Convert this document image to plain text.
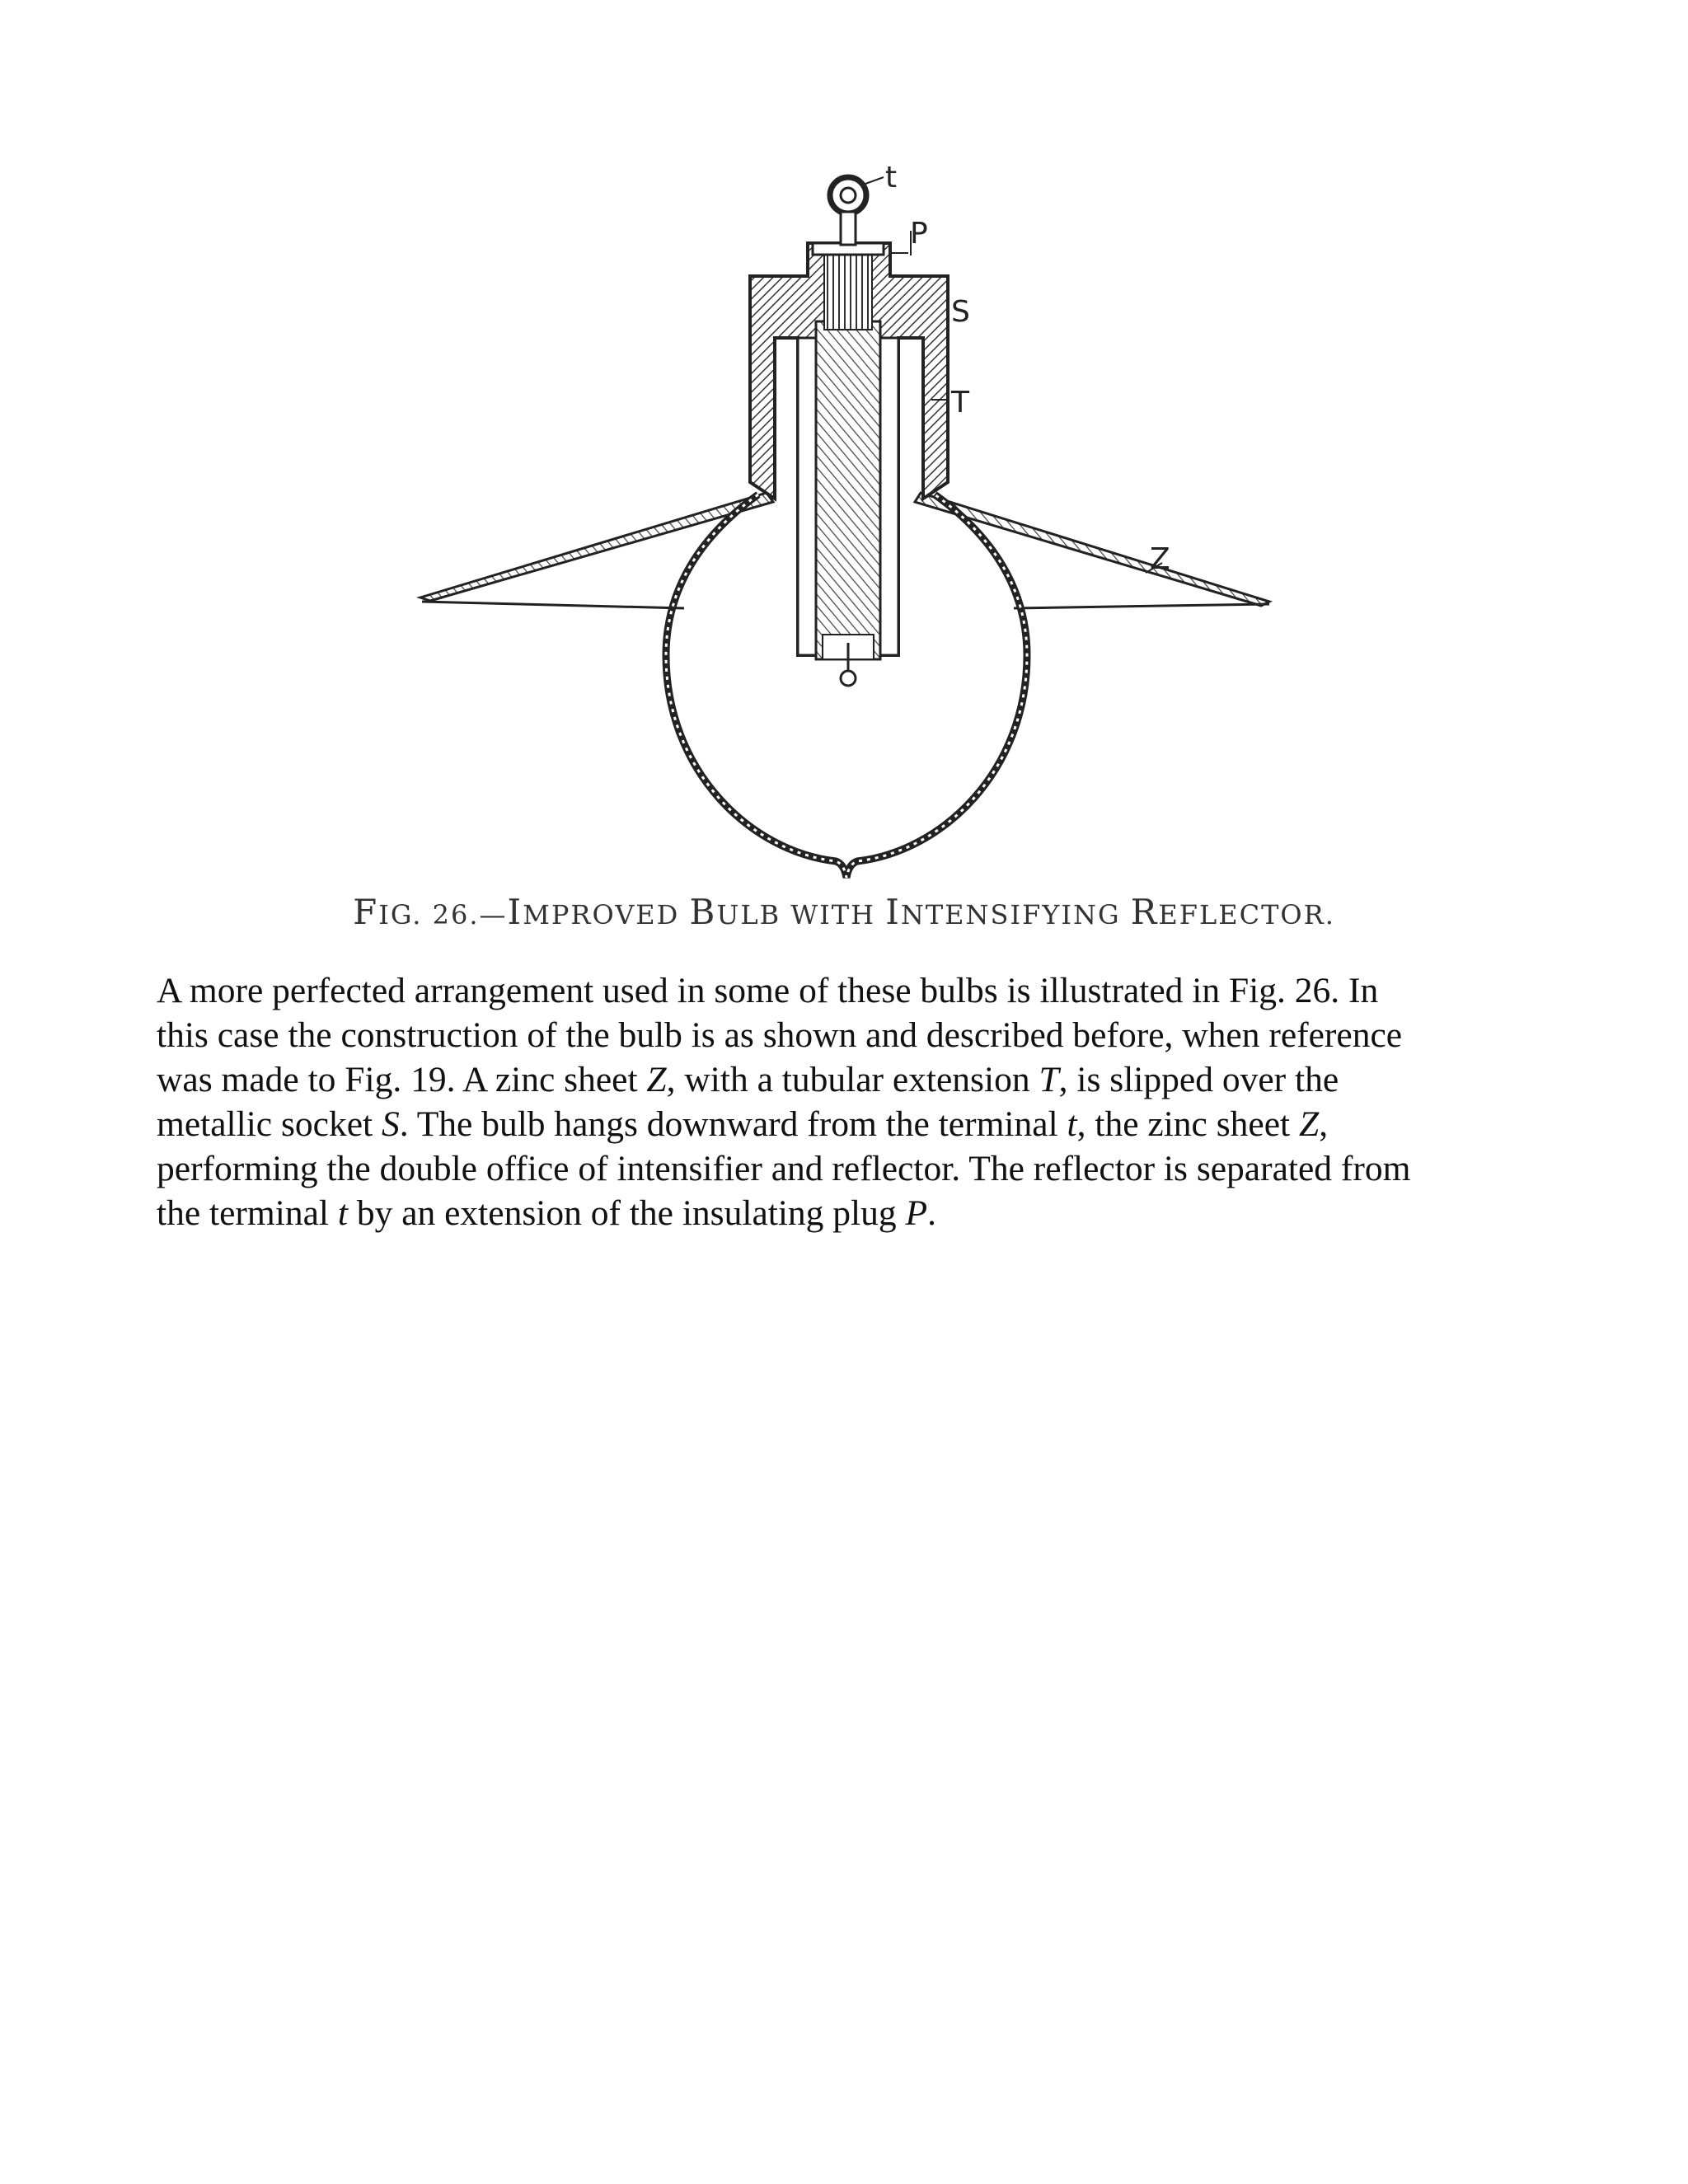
t
P
S
T
Z
FIG. 26.—IMPROVED BULB WITH INTENSIFYING REFLECTOR.
A more perfected arrangement used in some of these bulbs is illustrated in Fig. 26. In
this case the construction of the bulb is as shown and described before, when reference
was made to Fig. 19. A zinc sheet Z, with a tubular extension T, is slipped over the
metallic socket S. The bulb hangs downward from the terminal t, the zinc sheet Z,
performing the double office of intensifier and reflector. The reflector is separated from
the terminal t by an extension of the insulating plug P.
